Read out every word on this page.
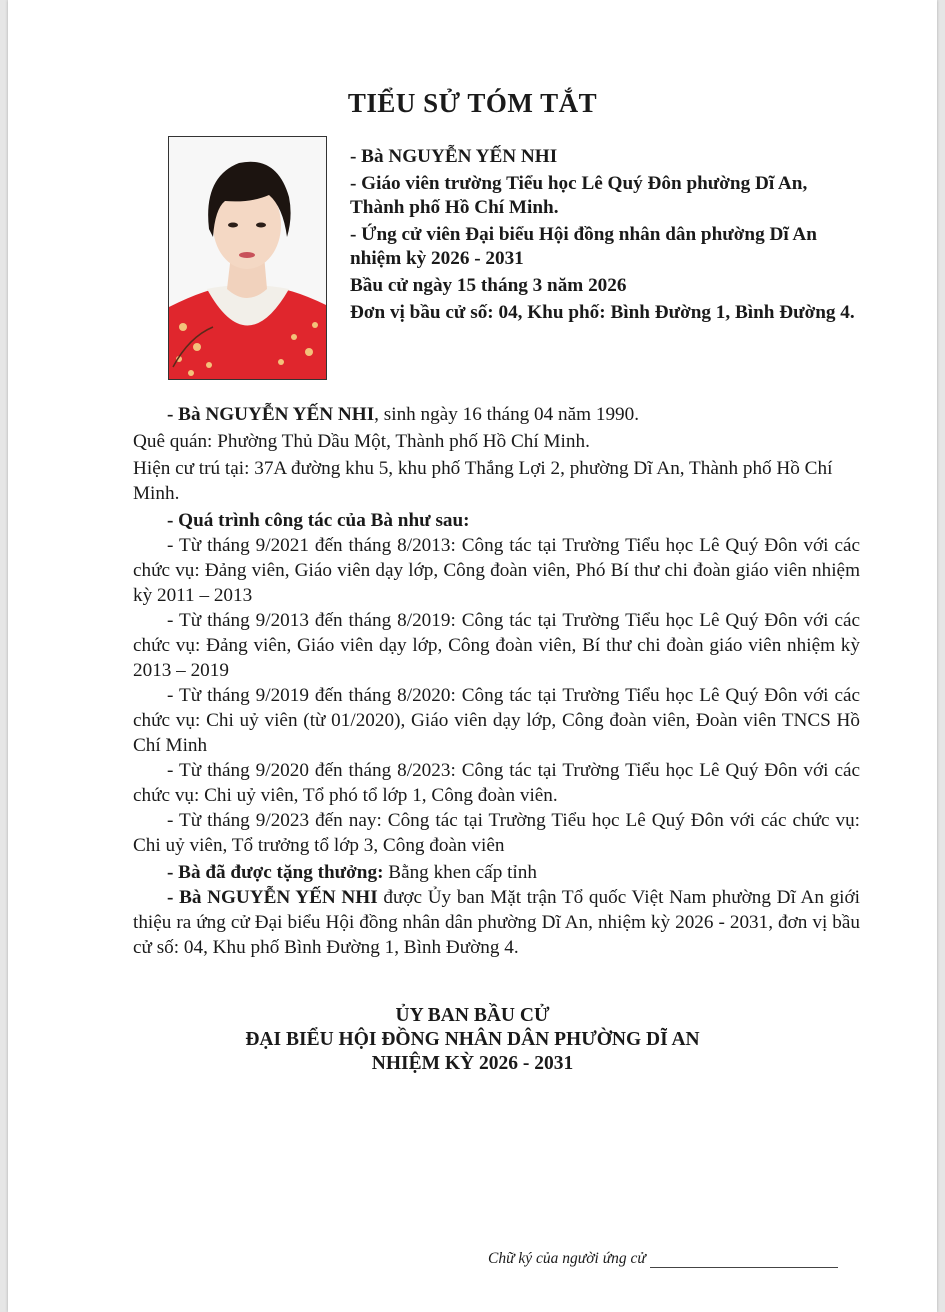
TIỂU SỬ TÓM TẮT

- Bà NGUYỄN YẾN NHI

- Giáo viên trường Tiểu học Lê Quý Đôn phường Dĩ An, Thành phố Hồ Chí Minh.

- Ứng cử viên Đại biểu Hội đồng nhân dân phường Dĩ An nhiệm kỳ 2026 - 2031

Bầu cử ngày 15 tháng 3 năm 2026

Đơn vị bầu cử số: 04, Khu phố: Bình Đường 1, Bình Đường 4.

- Bà NGUYỄN YẾN NHI, sinh ngày 16 tháng 04 năm 1990.

Quê quán: Phường Thủ Dầu Một, Thành phố Hồ Chí Minh.

Hiện cư trú tại: 37A đường khu 5, khu phố Thắng Lợi 2, phường Dĩ An, Thành phố Hồ Chí Minh.

- Quá trình công tác của Bà như sau:

- Từ tháng 9/2021 đến tháng 8/2013: Công tác tại Trường Tiểu học Lê Quý Đôn với các chức vụ: Đảng viên, Giáo viên dạy lớp, Công đoàn viên, Phó Bí thư chi đoàn giáo viên nhiệm kỳ 2011 – 2013

- Từ tháng 9/2013 đến tháng 8/2019: Công tác tại Trường Tiểu học Lê Quý Đôn với các chức vụ: Đảng viên, Giáo viên dạy lớp, Công đoàn viên, Bí thư chi đoàn giáo viên nhiệm kỳ 2013 – 2019

- Từ tháng 9/2019 đến tháng 8/2020: Công tác tại Trường Tiểu học Lê Quý Đôn với các chức vụ: Chi uỷ viên (từ 01/2020), Giáo viên dạy lớp, Công đoàn viên, Đoàn viên TNCS Hồ Chí Minh

- Từ tháng 9/2020 đến tháng 8/2023: Công tác tại Trường Tiểu học Lê Quý Đôn với các chức vụ: Chi uỷ viên, Tổ phó tổ lớp 1, Công đoàn viên.

- Từ tháng 9/2023 đến nay: Công tác tại Trường Tiểu học Lê Quý Đôn với các chức vụ: Chi uỷ viên, Tổ trưởng tổ lớp 3, Công đoàn viên

- Bà đã được tặng thưởng: Bằng khen cấp tỉnh

- Bà NGUYỄN YẾN NHI được Ủy ban Mặt trận Tổ quốc Việt Nam phường Dĩ An giới thiệu ra ứng cử Đại biểu Hội đồng nhân dân phường Dĩ An, nhiệm kỳ 2026 - 2031, đơn vị bầu cử số: 04, Khu phố Bình Đường 1, Bình Đường 4.

ỦY BAN BẦU CỬ
ĐẠI BIỂU HỘI ĐỒNG NHÂN DÂN PHƯỜNG DĨ AN
NHIỆM KỲ 2026 - 2031
Chữ ký của người ứng cử
